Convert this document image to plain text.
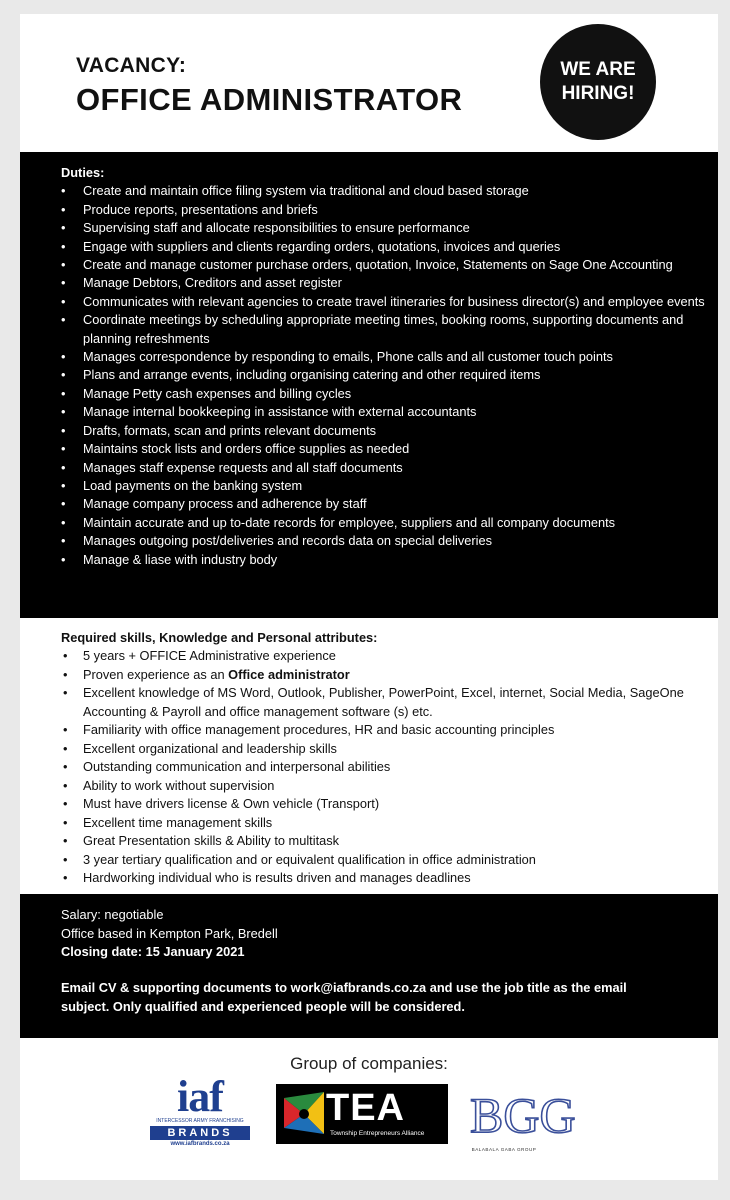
VACANCY:
OFFICE ADMINISTRATOR
WE ARE
HIRING!
Duties:
• Create and maintain office filing system via traditional and cloud based storage
• Produce reports, presentations and briefs
• Supervising staff and allocate responsibilities to ensure performance
• Engage with suppliers and clients regarding orders, quotations, invoices and queries
• Create and manage customer purchase orders, quotation, Invoice, Statements on Sage One Accounting
• Manage Debtors, Creditors and asset register
• Communicates with relevant agencies to create travel itineraries for business director(s) and employee events
• Coordinate meetings by scheduling appropriate meeting times, booking rooms, supporting documents and planning refreshments
• Manages correspondence by responding to emails, Phone calls and all customer touch points
• Plans and arrange events, including organising catering and other required items
• Manage Petty cash expenses and billing cycles
• Manage internal bookkeeping in assistance with external accountants
• Drafts, formats, scan and prints relevant documents
• Maintains stock lists and orders office supplies as needed
• Manages staff expense requests and all staff documents
• Load payments on the banking system
• Manage company process and adherence by staff
• Maintain accurate and up to-date records for employee, suppliers and all company documents
• Manages outgoing post/deliveries and records data on special deliveries
• Manage & liase with industry body
Required skills, Knowledge and Personal attributes:
• 5 years + OFFICE Administrative experience
• Proven experience as an Office administrator
• Excellent knowledge of MS Word, Outlook, Publisher, PowerPoint, Excel, internet, Social Media, SageOne Accounting & Payroll and office management software (s) etc.
• Familiarity with office management procedures, HR and basic accounting principles
• Excellent organizational and leadership skills
• Outstanding communication and interpersonal abilities
• Ability to work without supervision
• Must have drivers license & Own vehicle (Transport)
• Excellent time management skills
• Great Presentation skills & Ability to multitask
• 3 year tertiary qualification and or equivalent qualification in office administration
• Hardworking individual who is results driven and manages deadlines
Salary: negotiable
Office based in Kempton Park, Bredell
Closing date: 15 January 2021
Email CV & supporting documents to work@iafbrands.co.za and use the job title as the email subject. Only qualified and experienced people will be considered.
Group of companies:
iaf
INTERCESSOR ARMY FRANCHISING
BRANDS
www.iafbrands.co.za
TEA
Township Entrepreneurs Alliance BGG
BALABALA GABA GROUP
